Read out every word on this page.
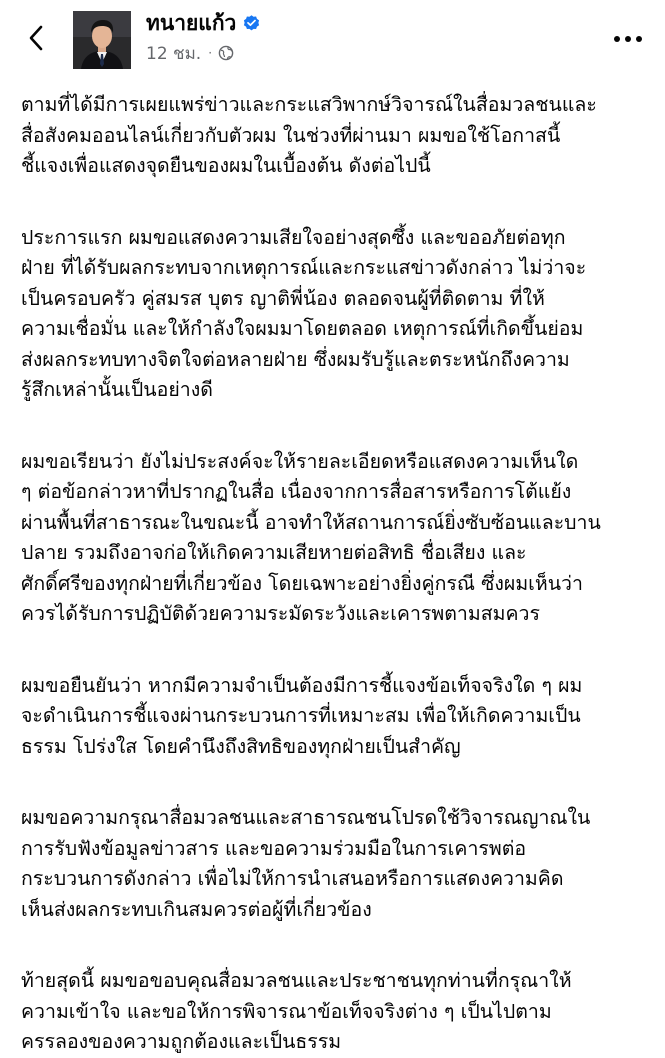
ทนายแก้ว
12 ชม. ·
ตามที่ได้มีการเผยแพร่ข่าวและกระแสวิพากษ์วิจารณ์ในสื่อมวลชนและ
สื่อสังคมออนไลน์เกี่ยวกับตัวผม ในช่วงที่ผ่านมา ผมขอใช้โอกาสนี้
ชี้แจงเพื่อแสดงจุดยืนของผมในเบื้องต้น ดังต่อไปนี้
ประการแรก ผมขอแสดงความเสียใจอย่างสุดซึ้ง และขออภัยต่อทุก
ฝ่าย ที่ได้รับผลกระทบจากเหตุการณ์และกระแสข่าวดังกล่าว ไม่ว่าจะ
เป็นครอบครัว คู่สมรส บุตร ญาติพี่น้อง ตลอดจนผู้ที่ติดตาม ที่ให้
ความเชื่อมั่น และให้กำลังใจผมมาโดยตลอด เหตุการณ์ที่เกิดขึ้นย่อม
ส่งผลกระทบทางจิตใจต่อหลายฝ่าย ซึ่งผมรับรู้และตระหนักถึงความ
รู้สึกเหล่านั้นเป็นอย่างดี
ผมขอเรียนว่า ยังไม่ประสงค์จะให้รายละเอียดหรือแสดงความเห็นใด
ๆ ต่อข้อกล่าวหาที่ปรากฏในสื่อ เนื่องจากการสื่อสารหรือการโต้แย้ง
ผ่านพื้นที่สาธารณะในขณะนี้ อาจทำให้สถานการณ์ยิ่งซับซ้อนและบาน
ปลาย รวมถึงอาจก่อให้เกิดความเสียหายต่อสิทธิ ชื่อเสียง และ
ศักดิ์ศรีของทุกฝ่ายที่เกี่ยวข้อง โดยเฉพาะอย่างยิ่งคู่กรณี ซึ่งผมเห็นว่า
ควรได้รับการปฏิบัติด้วยความระมัดระวังและเคารพตามสมควร
ผมขอยืนยันว่า หากมีความจำเป็นต้องมีการชี้แจงข้อเท็จจริงใด ๆ ผม
จะดำเนินการชี้แจงผ่านกระบวนการที่เหมาะสม เพื่อให้เกิดความเป็น
ธรรม โปร่งใส โดยคำนึงถึงสิทธิของทุกฝ่ายเป็นสำคัญ
ผมขอความกรุณาสื่อมวลชนและสาธารณชนโปรดใช้วิจารณญาณใน
การรับฟังข้อมูลข่าวสาร และขอความร่วมมือในการเคารพต่อ
กระบวนการดังกล่าว เพื่อไม่ให้การนำเสนอหรือการแสดงความคิด
เห็นส่งผลกระทบเกินสมควรต่อผู้ที่เกี่ยวข้อง
ท้ายสุดนี้ ผมขอขอบคุณสื่อมวลชนและประชาชนทุกท่านที่กรุณาให้
ความเข้าใจ และขอให้การพิจารณาข้อเท็จจริงต่าง ๆ เป็นไปตาม
ครรลองของความถูกต้องและเป็นธรรม
